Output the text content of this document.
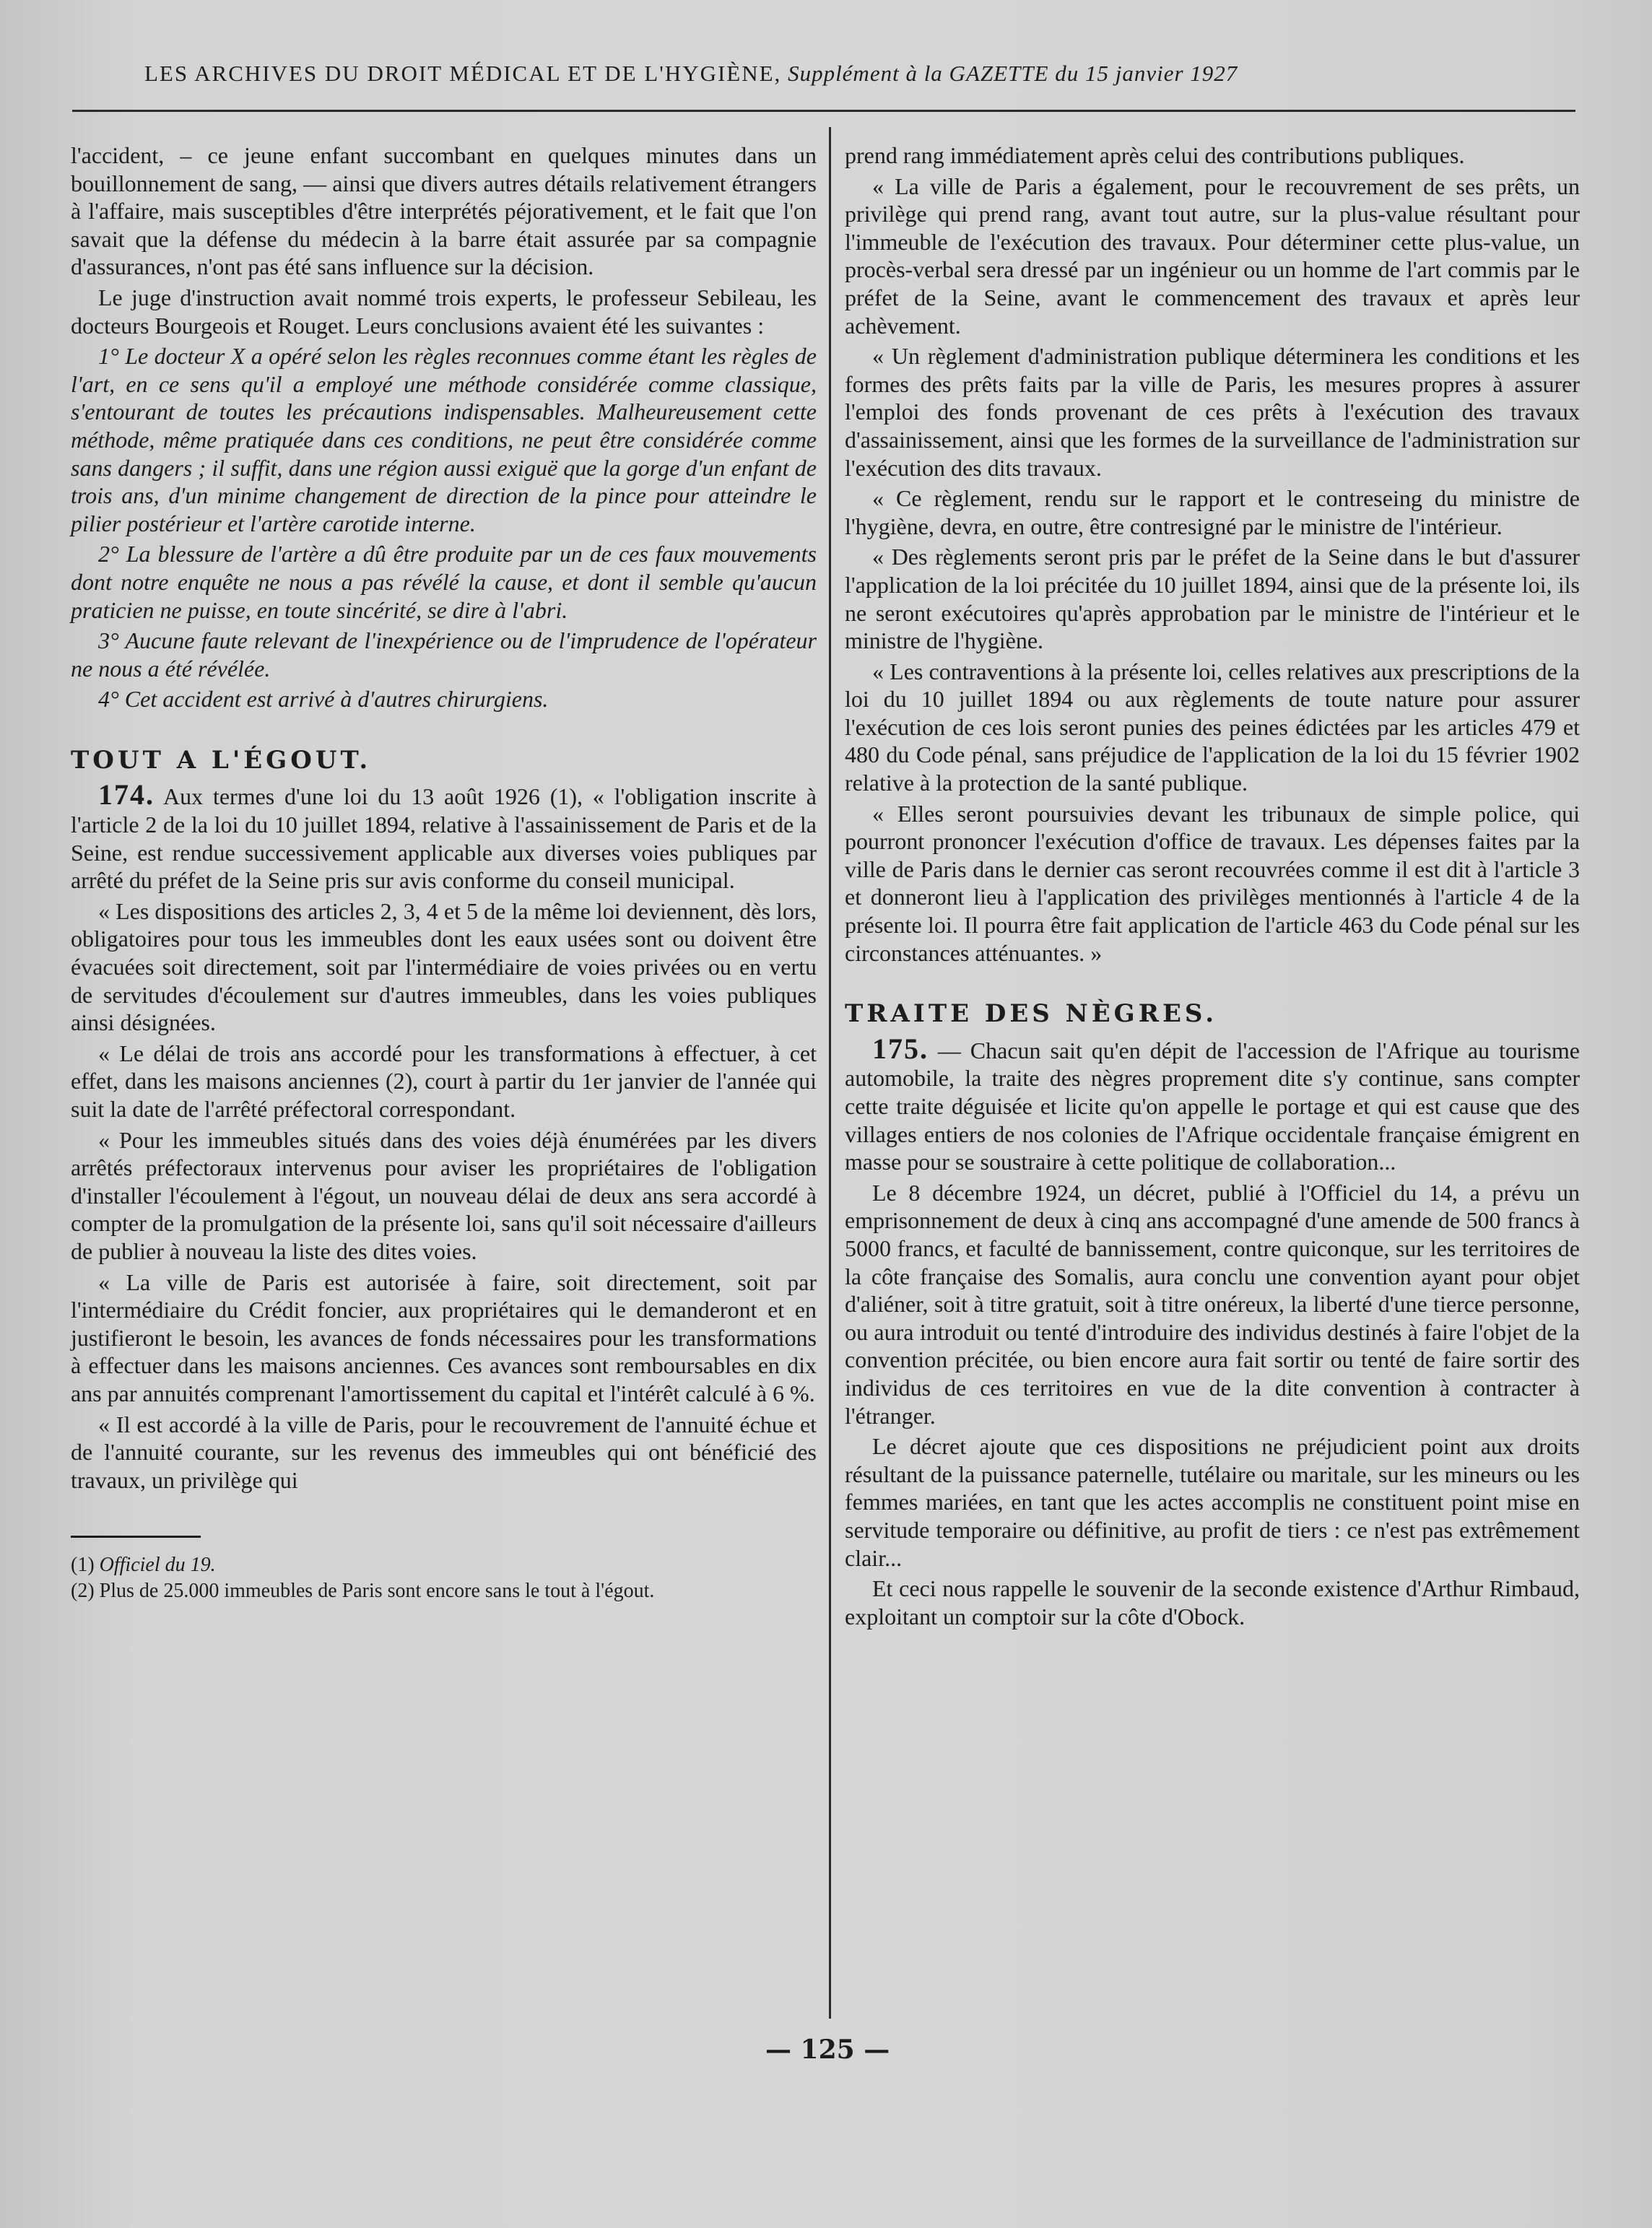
LES ARCHIVES DU DROIT MÉDICAL ET DE L'HYGIÈNE, Supplément à la GAZETTE du 15 janvier 1927

l'accident, – ce jeune enfant succombant en quelques minutes dans un bouillonnement de sang, — ainsi que divers autres détails relativement étrangers à l'affaire, mais susceptibles d'être interprétés péjorativement, et le fait que l'on savait que la défense du médecin à la barre était assurée par sa compagnie d'assurances, n'ont pas été sans influence sur la décision.

Le juge d'instruction avait nommé trois experts, le professeur Sebileau, les docteurs Bourgeois et Rouget. Leurs conclusions avaient été les suivantes :

1° Le docteur X a opéré selon les règles reconnues comme étant les règles de l'art, en ce sens qu'il a employé une méthode considérée comme classique, s'entourant de toutes les précautions indispensables. Malheureusement cette méthode, même pratiquée dans ces conditions, ne peut être considérée comme sans dangers ; il suffit, dans une région aussi exiguë que la gorge d'un enfant de trois ans, d'un minime changement de direction de la pince pour atteindre le pilier postérieur et l'artère carotide interne.

2° La blessure de l'artère a dû être produite par un de ces faux mouvements dont notre enquête ne nous a pas révélé la cause, et dont il semble qu'aucun praticien ne puisse, en toute sincérité, se dire à l'abri.

3° Aucune faute relevant de l'inexpérience ou de l'imprudence de l'opérateur ne nous a été révélée.

4° Cet accident est arrivé à d'autres chirurgiens.

TOUT A L'ÉGOUT.

174. Aux termes d'une loi du 13 août 1926 (1), « l'obligation inscrite à l'article 2 de la loi du 10 juillet 1894, relative à l'assainissement de Paris et de la Seine, est rendue successivement applicable aux diverses voies publiques par arrêté du préfet de la Seine pris sur avis conforme du conseil municipal.

« Les dispositions des articles 2, 3, 4 et 5 de la même loi deviennent, dès lors, obligatoires pour tous les immeubles dont les eaux usées sont ou doivent être évacuées soit directement, soit par l'intermédiaire de voies privées ou en vertu de servitudes d'écoulement sur d'autres immeubles, dans les voies publiques ainsi désignées.

« Le délai de trois ans accordé pour les transformations à effectuer, à cet effet, dans les maisons anciennes (2), court à partir du 1er janvier de l'année qui suit la date de l'arrêté préfectoral correspondant.

« Pour les immeubles situés dans des voies déjà énumérées par les divers arrêtés préfectoraux intervenus pour aviser les propriétaires de l'obligation d'installer l'écoulement à l'égout, un nouveau délai de deux ans sera accordé à compter de la promulgation de la présente loi, sans qu'il soit nécessaire d'ailleurs de publier à nouveau la liste des dites voies.

« La ville de Paris est autorisée à faire, soit directement, soit par l'intermédiaire du Crédit foncier, aux propriétaires qui le demanderont et en justifieront le besoin, les avances de fonds nécessaires pour les transformations à effectuer dans les maisons anciennes. Ces avances sont remboursables en dix ans par annuités comprenant l'amortissement du capital et l'intérêt calculé à 6 %.

« Il est accordé à la ville de Paris, pour le recouvrement de l'annuité échue et de l'annuité courante, sur les revenus des immeubles qui ont bénéficié des travaux, un privilège qui

(1) Officiel du 19.
(2) Plus de 25.000 immeubles de Paris sont encore sans le tout à l'égout.

prend rang immédiatement après celui des contributions publiques.

« La ville de Paris a également, pour le recouvrement de ses prêts, un privilège qui prend rang, avant tout autre, sur la plus-value résultant pour l'immeuble de l'exécution des travaux. Pour déterminer cette plus-value, un procès-verbal sera dressé par un ingénieur ou un homme de l'art commis par le préfet de la Seine, avant le commencement des travaux et après leur achèvement.

« Un règlement d'administration publique déterminera les conditions et les formes des prêts faits par la ville de Paris, les mesures propres à assurer l'emploi des fonds provenant de ces prêts à l'exécution des travaux d'assainissement, ainsi que les formes de la surveillance de l'administration sur l'exécution des dits travaux.

« Ce règlement, rendu sur le rapport et le contreseing du ministre de l'hygiène, devra, en outre, être contresigné par le ministre de l'intérieur.

« Des règlements seront pris par le préfet de la Seine dans le but d'assurer l'application de la loi précitée du 10 juillet 1894, ainsi que de la présente loi, ils ne seront exécutoires qu'après approbation par le ministre de l'intérieur et le ministre de l'hygiène.

« Les contraventions à la présente loi, celles relatives aux prescriptions de la loi du 10 juillet 1894 ou aux règlements de toute nature pour assurer l'exécution de ces lois seront punies des peines édictées par les articles 479 et 480 du Code pénal, sans préjudice de l'application de la loi du 15 février 1902 relative à la protection de la santé publique.

« Elles seront poursuivies devant les tribunaux de simple police, qui pourront prononcer l'exécution d'office de travaux. Les dépenses faites par la ville de Paris dans le dernier cas seront recouvrées comme il est dit à l'article 3 et donneront lieu à l'application des privilèges mentionnés à l'article 4 de la présente loi. Il pourra être fait application de l'article 463 du Code pénal sur les circonstances atténuantes. »

TRAITE DES NÈGRES.

175. — Chacun sait qu'en dépit de l'accession de l'Afrique au tourisme automobile, la traite des nègres proprement dite s'y continue, sans compter cette traite déguisée et licite qu'on appelle le portage et qui est cause que des villages entiers de nos colonies de l'Afrique occidentale française émigrent en masse pour se soustraire à cette politique de collaboration...

Le 8 décembre 1924, un décret, publié à l'Officiel du 14, a prévu un emprisonnement de deux à cinq ans accompagné d'une amende de 500 francs à 5000 francs, et faculté de bannissement, contre quiconque, sur les territoires de la côte française des Somalis, aura conclu une convention ayant pour objet d'aliéner, soit à titre gratuit, soit à titre onéreux, la liberté d'une tierce personne, ou aura introduit ou tenté d'introduire des individus destinés à faire l'objet de la convention précitée, ou bien encore aura fait sortir ou tenté de faire sortir des individus de ces territoires en vue de la dite convention à contracter à l'étranger.

Le décret ajoute que ces dispositions ne préjudicient point aux droits résultant de la puissance paternelle, tutélaire ou maritale, sur les mineurs ou les femmes mariées, en tant que les actes accomplis ne constituent point mise en servitude temporaire ou définitive, au profit de tiers : ce n'est pas extrêmement clair...

Et ceci nous rappelle le souvenir de la seconde existence d'Arthur Rimbaud, exploitant un comptoir sur la côte d'Obock.

— 125 —
